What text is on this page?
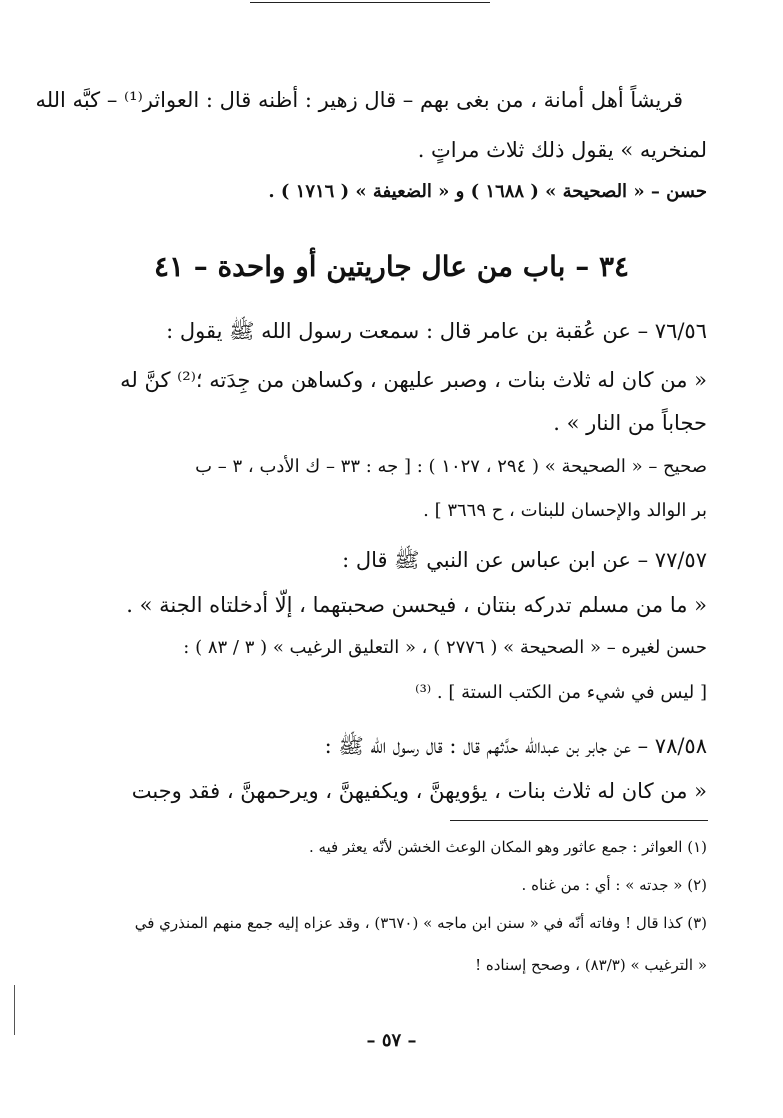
قريشاً أهل أمانة ، من بغى بهم – قال زهير : أظنه قال : العواثر⁽¹⁾ – كبَّه الله
لمنخريه » يقول ذلك ثلاث مراتٍ .
حسن – « الصحيحة » ( ١٦٨٨ ) و « الضعيفة » ( ١٧١٦ ) .
٣٤ – باب من عال جاريتين أو واحدة – ٤١
٧٦/٥٦ – عن عُقبة بن عامر قال : سمعت رسول الله ﷺ يقول :
« من كان له ثلاث بنات ، وصبر عليهن ، وكساهن من جِدَته ؛⁽²⁾ كنَّ له
حجاباً من النار » .
صحيح – « الصحيحة » ( ٢٩٤ ، ١٠٢٧ ) : [ جه : ٣٣ – ك الأدب ، ٣ – ب
بر الوالد والإحسان للبنات ، ح ٣٦٦٩ ] .
٧٧/٥٧ – عن ابن عباس عن النبي ﷺ قال :
« ما من مسلم تدركه بنتان ، فيحسن صحبتهما ، إلّا أدخلتاه الجنة » .
حسن لغيره – « الصحيحة » ( ٢٧٧٦ ) ، « التعليق الرغيب » ( ٣ / ٨٣ ) :
[ ليس في شيء من الكتب الستة ] . ⁽³⁾
٧٨/٥٨ – عن جابر بن عبدالله حدَّثهم قال : قال رسول الله ﷺ :
« من كان له ثلاث بنات ، يؤويهنَّ ، ويكفيهنَّ ، ويرحمهنَّ ، فقد وجبت
(١) العواثر : جمع عاثور وهو المكان الوعث الخشن لأنّه يعثر فيه .
(٢) « جدته » : أي : من غناه .
(٣) كذا قال ! وفاته أنّه في « سنن ابن ماجه » (٣٦٧٠) ، وقد عزاه إليه جمع منهم المنذري في
« الترغيب » (٨٣/٣) ، وصحح إسناده !
– ٥٧ –
